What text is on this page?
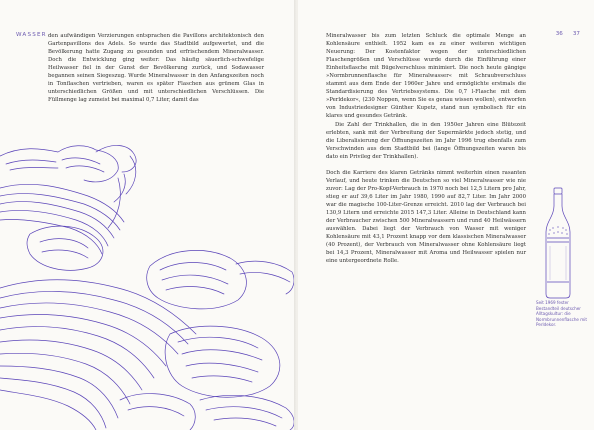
WASSER den aufwändigen Verzierungen entsprachen die Pavillons architektonisch den Gartenpavillons des Adels. So wurde das Stadtbild aufgewertet, und die Bevölkerung hatte Zugang zu gesunden und erfrischendem Mineralwasser. Doch die Entwicklung ging weiter: Das häufig säuerlich-schwefelige Heilwasser fiel in der Gunst der Bevölkerung zurück, und Sodawasser begannen seinen Siegeszug. Wurde Mineralwasser in den Anfangszeiten noch in Tonflaschen vertrieben, waren es später Flaschen aus grünem Glas in unterschiedlichen Größen und mit unterschiedlichen Verschlüssen. Die Füllmenge lag zumeist bei maximal 0,7 Liter, damit das

36 37

Mineralwasser bis zum letzten Schluck die optimale Menge an Kohlensäure enthielt. 1952 kam es zu einer weiteren wichtigen Neuerung: Der Kostenfaktor wegen der unterschiedlichen Flaschengrößen und Verschlüsse wurde durch die Einführung einer Einheitsflasche mit Bügelverschluss minimiert. Die noch heute gängige »Normbrunnenflasche für Mineralwasser« mit Schraubverschluss stammt aus dem Ende der 1960er Jahre und ermöglichte erstmals die Standardisierung des Vertriebssystems. Die 0,7 l-Flasche mit dem »Perldekor«, (230 Noppen, wenn Sie es genau wissen wollen), entworfen von Industriedesigner Günther Kupetz, stand nun symbolisch für ein klares und gesundes Getränk.

Die Zahl der Trinkhallen, die in den 1950er Jahren eine Blütezeit erlebten, sank mit der Verbreitung der Supermärkte jedoch stetig, und die Liberalisierung der Öffnungszeiten im Jahr 1996 trug ebenfalls zum Verschwinden aus dem Stadtbild bei (lange Öffnungszeiten waren bis dato ein Privileg der Trinkhallen).

Doch die Karriere des klaren Getränks nimmt weiterhin einen rasanten Verlauf, und heute trinken die Deutschen so viel Mineralwasser wie nie zuvor: Lag der Pro-Kopf-Verbrauch in 1970 noch bei 12,5 Litern pro Jahr, stieg er auf 39,6 Liter im Jahr 1980, 1990 auf 82,7 Liter. Im Jahr 2000 war die magische 100-Liter-Grenze erreicht. 2010 lag der Verbrauch bei 130,9 Litern und erreichte 2015 147,3 Liter. Alleine in Deutschland kann der Verbraucher zwischen 500 Mineralwassern und rund 40 Heilwässern auswählen. Dabei liegt der Verbrauch von Wasser mit weniger Kohlensäure mit 43,1 Prozent knapp vor dem klassischen Mineralwasser (40 Prozent), der Verbrauch von Mineralwasser ohne Kohlensäure liegt bei 14,3 Prozent, Mineralwasser mit Aroma und Heilwasser spielen nur eine untergeordnete Rolle.

Seit 1969 fester Bestandteil deutscher Alltagskultur: die Normbrunnenflasche mit Perldekor.
